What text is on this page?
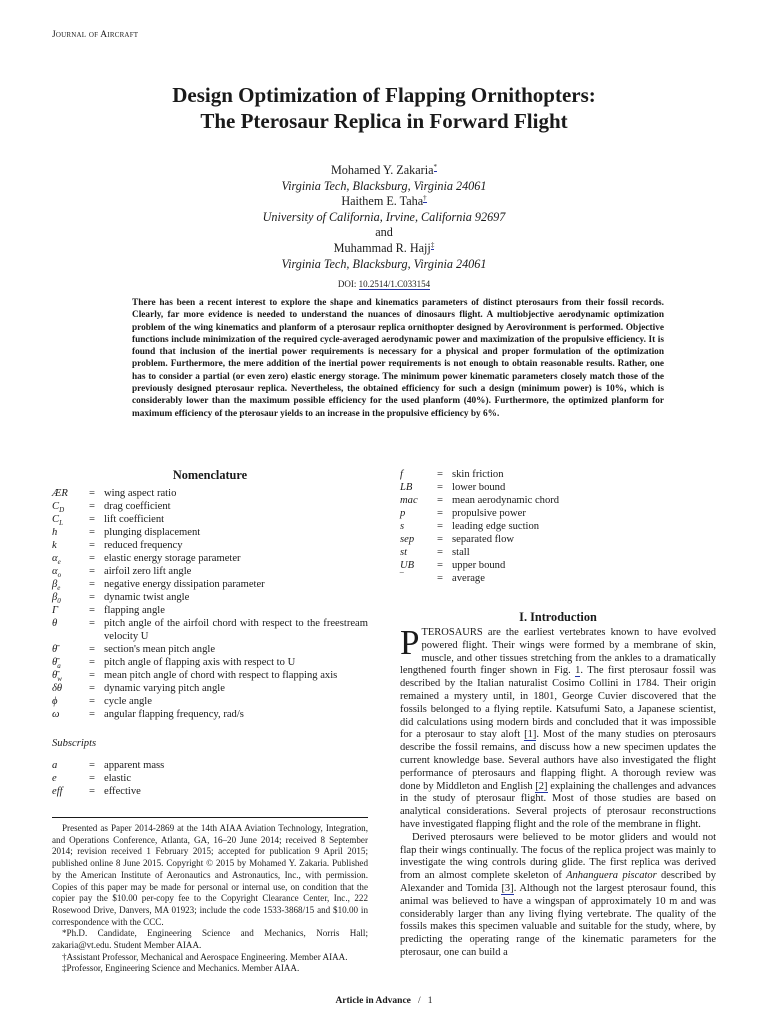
Journal of Aircraft
Design Optimization of Flapping Ornithopters:
The Pterosaur Replica in Forward Flight
Mohamed Y. Zakaria*
Virginia Tech, Blacksburg, Virginia 24061
Haithem E. Taha†
University of California, Irvine, California 92697
and
Muhammad R. Hajj‡
Virginia Tech, Blacksburg, Virginia 24061
DOI: 10.2514/1.C033154
There has been a recent interest to explore the shape and kinematics parameters of distinct pterosaurs from their fossil records. Clearly, far more evidence is needed to understand the nuances of dinosaurs flight. A multiobjective aerodynamic optimization problem of the wing kinematics and planform of a pterosaur replica ornithopter designed by Aerovironment is performed. Objective functions include minimization of the required cycle-averaged aerodynamic power and maximization of the propulsive efficiency. It is found that inclusion of the inertial power requirements is necessary for a physical and proper formulation of the optimization problem. Furthermore, the mere addition of the inertial power requirements is not enough to obtain reasonable results. Rather, one has to consider a partial (or even zero) elastic energy storage. The minimum power kinematic parameters closely match those of the previously designed pterosaur replica. Nevertheless, the obtained efficiency for such a design (minimum power) is 10%, which is considerably lower than the maximum possible efficiency for the used planform (40%). Furthermore, the optimized planform for maximum efficiency of the pterosaur yields to an increase in the propulsive efficiency by 6%.
Nomenclature
ÆR	= wing aspect ratio
$C_D$	= drag coefficient
$C_L$	= lift coefficient
h	= plunging displacement
k	= reduced frequency
$\alpha_e$	= elastic energy storage parameter
$\alpha_o$	= airfoil zero lift angle
$\beta_e$	= negative energy dissipation parameter
$\beta_0$	= dynamic twist angle
Γ	= flapping angle
θ	= pitch angle of the airfoil chord with respect to the freestream velocity U
θ̄	= section's mean pitch angle
$\thetā_a$	= pitch angle of flapping axis with respect to U
$\thetā_w$	= mean pitch angle of chord with respect to flapping axis
δθ	= dynamic varying pitch angle
ϕ	= cycle angle
ω	= angular flapping frequency, rad/s
Subscripts
a	= apparent mass
e	= elastic
eff	= effective
f	= skin friction
LB	= lower bound
mac	= mean aerodynamic chord
p	= propulsive power
s	= leading edge suction
sep	= separated flow
st	= stall
UB	= upper bound
‾	= average

Presented as Paper 2014-2869 at the 14th AIAA Aviation Technology, Integration, and Operations Conference, Atlanta, GA, 16–20 June 2014; received 8 September 2014; revision received 1 February 2015; accepted for publication 9 April 2015; published online 8 June 2015. Copyright © 2015 by Mohamed Y. Zakaria. Published by the American Institute of Aeronautics and Astronautics, Inc., with permission. Copies of this paper may be made for personal or internal use, on condition that the copier pay the $10.00 per-copy fee to the Copyright Clearance Center, Inc., 222 Rosewood Drive, Danvers, MA 01923; include the code 1533-3868/15 and $10.00 in correspondence with the CCC.

*Ph.D. Candidate, Engineering Science and Mechanics, Norris Hall; zakaria@vt.edu. Student Member AIAA.

†Assistant Professor, Mechanical and Aerospace Engineering. Member AIAA.

‡Professor, Engineering Science and Mechanics. Member AIAA.

I. Introduction

PTEROSAURS are the earliest vertebrates known to have evolved powered flight. Their wings were formed by a membrane of skin, muscle, and other tissues stretching from the ankles to a dramatically lengthened fourth finger shown in Fig. 1. The first pterosaur fossil was described by the Italian naturalist Cosimo Collini in 1784. Their origin remained a mystery until, in 1801, George Cuvier discovered that the fossils belonged to a flying reptile. Katsufumi Sato, a Japanese scientist, did calculations using modern birds and concluded that it was impossible for a pterosaur to stay aloft [1]. Most of the many studies on pterosaurs describe the fossil remains, and discuss how a new specimen updates the current knowledge base. Several authors have also investigated the flight performance of pterosaurs and flapping flight. A thorough review was done by Middleton and English [2] explaining the challenges and advances in the study of pterosaur flight. Most of those studies are based on analytical considerations. Several projects of pterosaur reconstructions have investigated flapping flight and the role of the membrane in flight.

Derived pterosaurs were believed to be motor gliders and would not flap their wings continually. The focus of the replica project was mainly to investigate the wing controls during glide. The first replica was derived from an almost complete skeleton of Anhanguera piscator described by Alexander and Tomida [3]. Although not the largest pterosaur found, this animal was believed to have a wingspan of approximately 10 m and was considerably larger than any living flying vertebrate. The quality of the fossils makes this specimen valuable and suitable for the study, where, by predicting the operating range of the kinematic parameters for the pterosaur, one can build a

Article in Advance / 1
